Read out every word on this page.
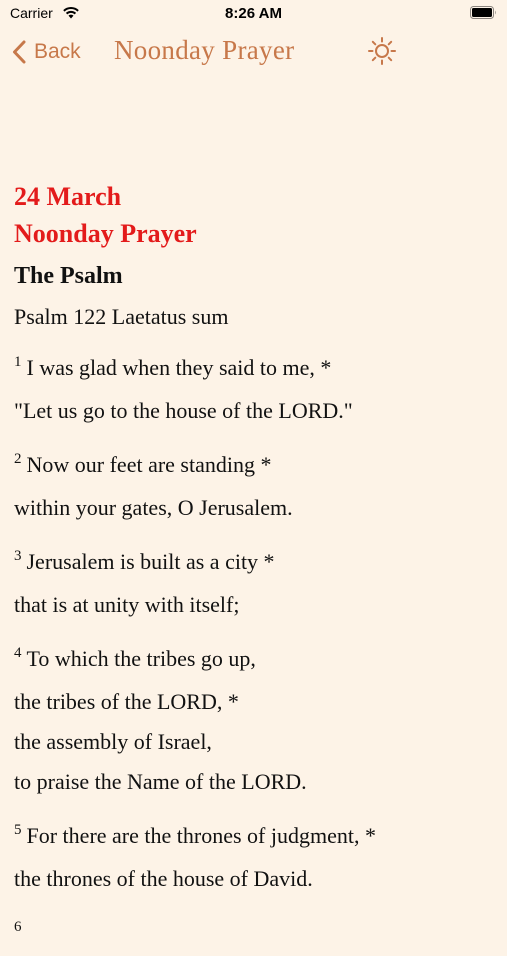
Carrier	8:26 AM
Back Noonday Prayer
24 March
Noonday Prayer
The Psalm
Psalm 122 Laetatus sum
$^1$ I was glad when they said to me, *
"Let us go to the house of the LORD."
$^2$ Now our feet are standing *
within your gates, O Jerusalem.
$^3$ Jerusalem is built as a city *
that is at unity with itself;
$^4$ To which the tribes go up,
the tribes of the LORD, *
the assembly of Israel,
to praise the Name of the LORD.
$^5$ For there are the thrones of judgment, *
the thrones of the house of David.
$^6$
